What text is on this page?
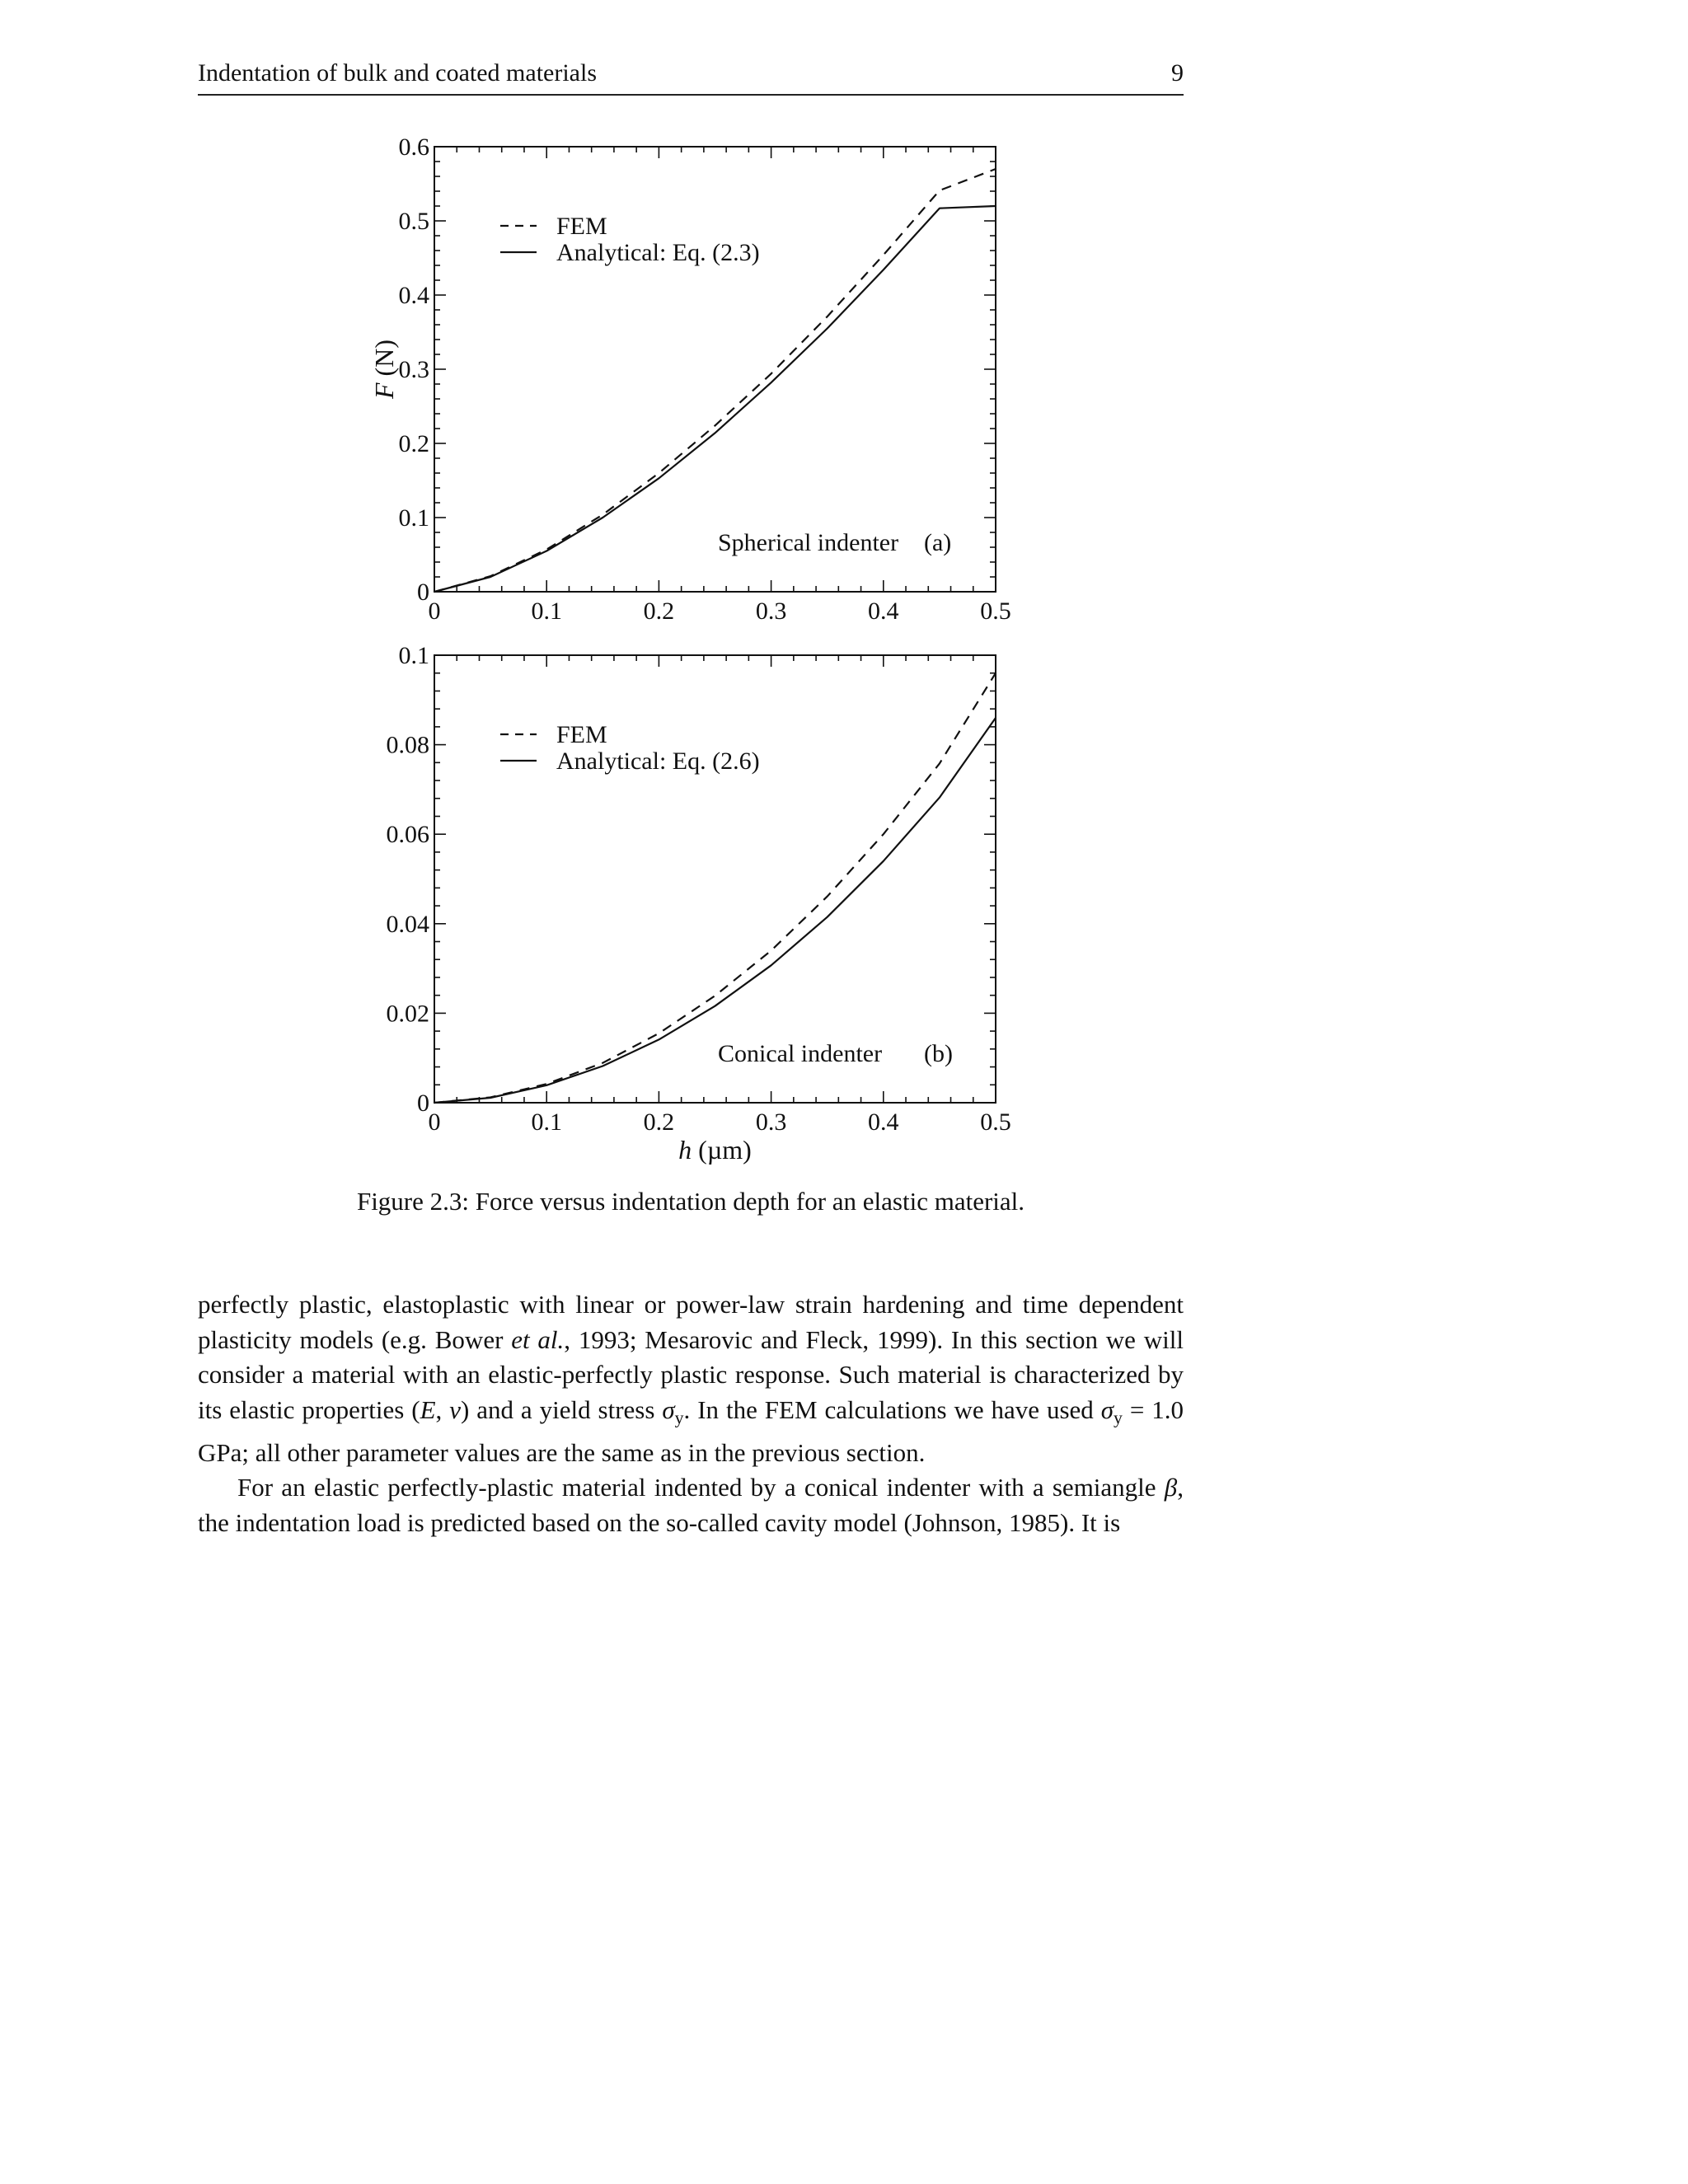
Indentation of bulk and coated materials	9
0	0.1	0.2	0.3	0.4	0.5
0
0.1
0.2
0.3
0.4
0.5
0.6
FEM
Analytical: Eq. (2.3)
Spherical indenter (a)
F (N)
0	0.1	0.2	0.3	0.4	0.5
0
0.02
0.04
0.06
0.08
0.1
FEM
Analytical: Eq. (2.6)
Conical indenter (b)
h (µm)
Figure 2.3: Force versus indentation depth for an elastic material.

perfectly plastic, elastoplastic with linear or power-law strain hardening and time dependent plasticity models (e.g. Bower et al., 1993; Mesarovic and Fleck, 1999). In this section we will consider a material with an elastic-perfectly plastic response. Such material is characterized by its elastic properties (E, ν) and a yield stress $\sigma_y$. In the FEM calculations we have used $\sigma_y = 1.0$ GPa; all other parameter values are the same as in the previous section.

For an elastic perfectly-plastic material indented by a conical indenter with a semiangle β, the indentation load is predicted based on the so-called cavity model (Johnson, 1985). It is
